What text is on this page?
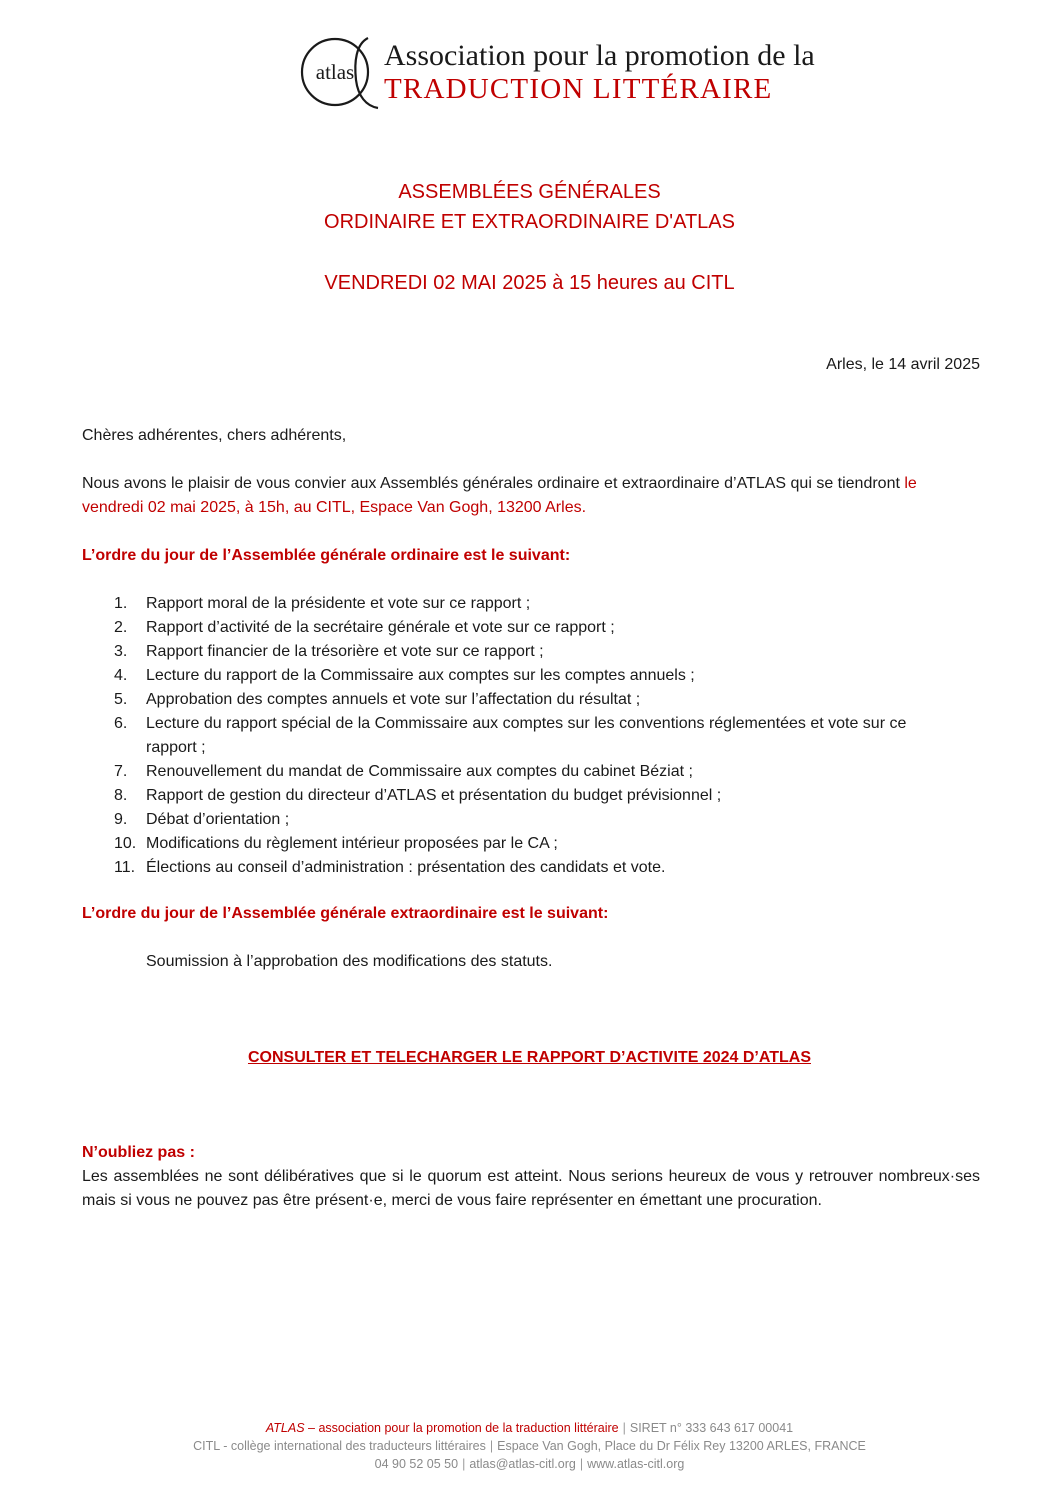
atlas Association pour la promotion de la
TRADUCTION LITTÉRAIRE
ASSEMBLÉES GÉNÉRALES
ORDINAIRE ET EXTRAORDINAIRE D'ATLAS
VENDREDI 02 MAI 2025 à 15 heures au CITL
Arles, le 14 avril 2025
Chères adhérentes, chers adhérents,
Nous avons le plaisir de vous convier aux Assemblés générales ordinaire et extraordinaire d’ATLAS qui se tiendront le vendredi 02 mai 2025, à 15h, au CITL, Espace Van Gogh, 13200 Arles.
L’ordre du jour de l’Assemblée générale ordinaire est le suivant:
1.	Rapport moral de la présidente et vote sur ce rapport ;
2.	Rapport d’activité de la secrétaire générale et vote sur ce rapport ;
3.	Rapport financier de la trésorière et vote sur ce rapport ;
4.	Lecture du rapport de la Commissaire aux comptes sur les comptes annuels ;
5.	Approbation des comptes annuels et vote sur l’affectation du résultat ;
6.	Lecture du rapport spécial de la Commissaire aux comptes sur les conventions réglementées et vote sur ce rapport ;
7.	Renouvellement du mandat de Commissaire aux comptes du cabinet Béziat ;
8.	Rapport de gestion du directeur d’ATLAS et présentation du budget prévisionnel ;
9.	Débat d’orientation ;
10. Modifications du règlement intérieur proposées par le CA ;
11. Élections au conseil d’administration : présentation des candidats et vote.
L’ordre du jour de l’Assemblée générale extraordinaire est le suivant:
Soumission à l’approbation des modifications des statuts.
CONSULTER ET TELECHARGER LE RAPPORT D’ACTIVITE 2024 D’ATLAS
N’oubliez pas :
Les assemblées ne sont délibératives que si le quorum est atteint. Nous serions heureux de vous y retrouver nombreux·ses mais si vous ne pouvez pas être présent·e, merci de vous faire représenter en émettant une procuration.
ATLAS – association pour la promotion de la traduction littéraire | SIRET n° 333 643 617 00041
CITL - collège international des traducteurs littéraires | Espace Van Gogh, Place du Dr Félix Rey 13200 ARLES, FRANCE
04 90 52 05 50 | atlas@atlas-citl.org | www.atlas-citl.org
